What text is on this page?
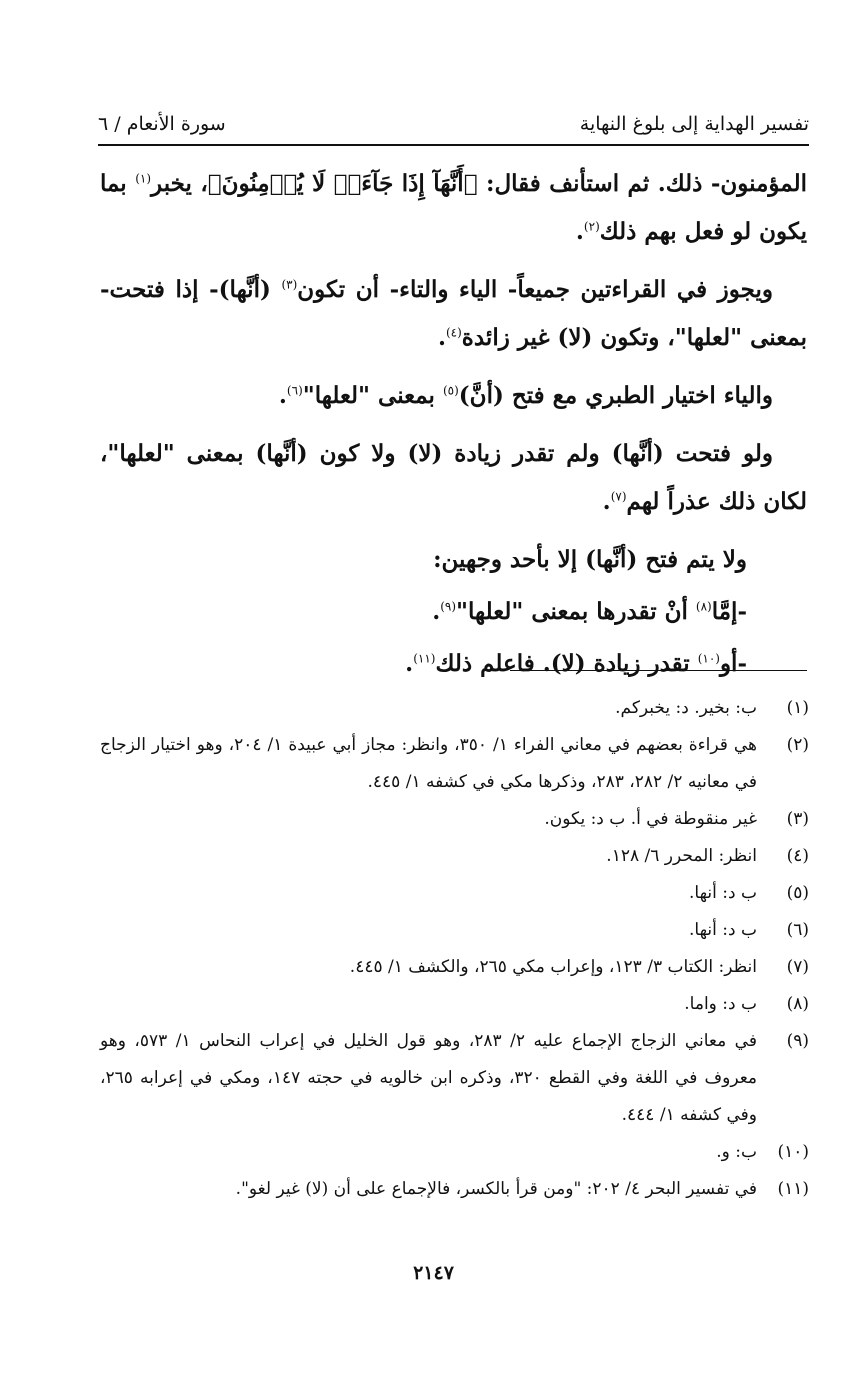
تفسير الهداية إلى بلوغ النهاية
سورة الأنعام / ٦

المؤمنون- ذلك. ثم استأنف فقال: ﴿أَنَّهَآ إِذَا جَآءَتۡ لَا يُؤۡمِنُونَ﴾، يخبر$^{(١)}$ بما يكون لو فعل بهم ذلك$^{(٢)}$.

ويجوز في القراءتين جميعاً- الياء والتاء- أن تكون$^{(٣)}$ (أنَّها)- إذا فتحت- بمعنى "لعلها"، وتكون (لا) غير زائدة$^{(٤)}$.

والياء اختيار الطبري مع فتح (أنَّ)$^{(٥)}$ بمعنى "لعلها"$^{(٦)}$.

ولو فتحت (أنَّها) ولم تقدر زيادة (لا) ولا كون (أنَّها) بمعنى "لعلها"، لكان ذلك عذراً لهم$^{(٧)}$.

ولا يتم فتح (أنَّها) إلا بأحد وجهين:

-إمَّا$^{(٨)}$ أنْ تقدرها بمعنى "لعلها"$^{(٩)}$.

-أو$^{(١٠)}$ تقدر زيادة (لا). فاعلم ذلك$^{(١١)}$.

(١)
ب: بخير. د: يخبركم.
(٢)
هي قراءة بعضهم في معاني الفراء ١/ ٣٥٠، وانظر: مجاز أبي عبيدة ١/ ٢٠٤، وهو اختيار الزجاج في معانيه ٢/ ٢٨٢، ٢٨٣، وذكرها مكي في كشفه ١/ ٤٤٥.
(٣)
غير منقوطة في أ. ب د: يكون.
(٤)
انظر: المحرر ٦/ ١٢٨.
(٥)
ب د: أنها.
(٦)
ب د: أنها.
(٧)
انظر: الكتاب ٣/ ١٢٣، وإعراب مكي ٢٦٥، والكشف ١/ ٤٤٥.
(٨)
ب د: واما.
(٩)
في معاني الزجاج الإجماع عليه ٢/ ٢٨٣، وهو قول الخليل في إعراب النحاس ١/ ٥٧٣، وهو معروف في اللغة وفي القطع ٣٢٠، وذكره ابن خالويه في حجته ١٤٧، ومكي في إعرابه ٢٦٥، وفي كشفه ١/ ٤٤٤.
(١٠)
ب: و.
(١١)
في تفسير البحر ٤/ ٢٠٢: "ومن قرأ بالكسر، فالإجماع على أن (لا) غير لغو".
٢١٤٧
